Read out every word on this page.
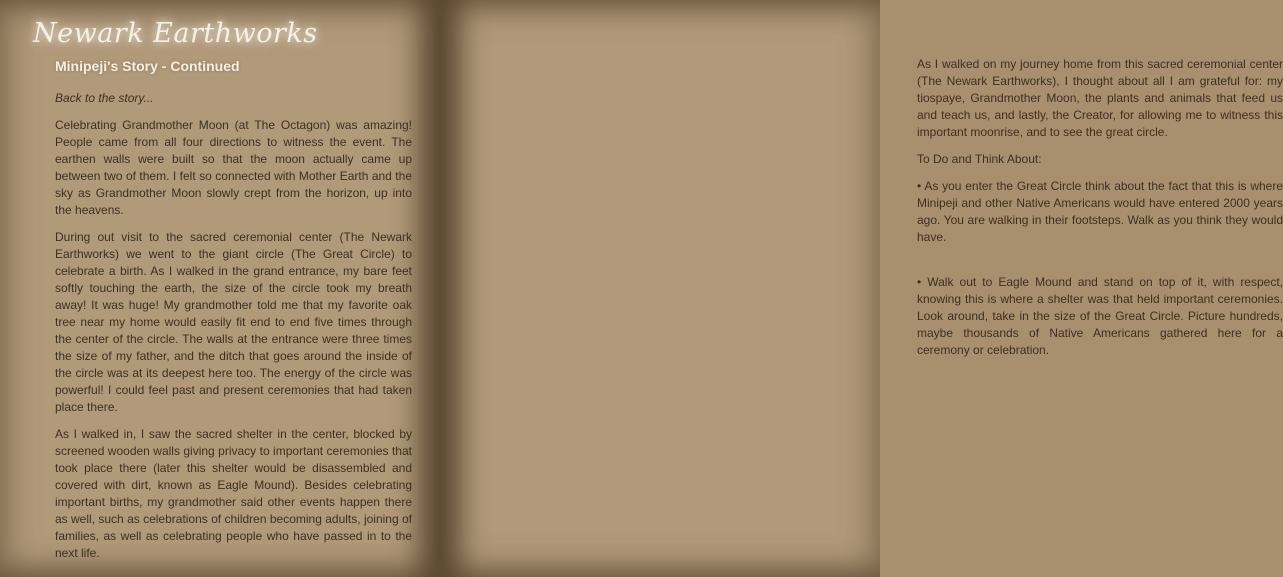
Newark Earthworks
Minipeji's Story - Continued

Back to the story...

Celebrating Grandmother Moon (at The Octagon) was amazing! People came from all four directions to witness the event. The earthen walls were built so that the moon actually came up between two of them. I felt so connected with Mother Earth and the sky as Grandmother Moon slowly crept from the horizon, up into the heavens.

During out visit to the sacred ceremonial center (The Newark Earthworks) we went to the giant circle (The Great Circle) to celebrate a birth. As I walked in the grand entrance, my bare feet softly touching the earth, the size of the circle took my breath away! It was huge! My grandmother told me that my favorite oak tree near my home would easily fit end to end five times through the center of the circle. The walls at the entrance were three times the size of my father, and the ditch that goes around the inside of the circle was at its deepest here too. The energy of the circle was powerful! I could feel past and present ceremonies that had taken place there.

As I walked in, I saw the sacred shelter in the center, blocked by screened wooden walls giving privacy to important ceremonies that took place there (later this shelter would be disassembled and covered with dirt, known as Eagle Mound). Besides celebrating important births, my grandmother said other events happen there as well, such as celebrations of children becoming adults, joining of families, as well as celebrating people who have passed in to the next life.

As I walked on my journey home from this sacred ceremonial center (The Newark Earthworks), I thought about all I am grateful for: my tiospaye, Grandmother Moon, the plants and animals that feed us and teach us, and lastly, the Creator, for allowing me to witness this important moonrise, and to see the great circle.

To Do and Think About:

• As you enter the Great Circle think about the fact that this is where Minipeji and other Native Americans would have entered 2000 years ago. You are walking in their footsteps. Walk as you think they would have.

• Walk out to Eagle Mound and stand on top of it, with respect, knowing this is where a shelter was that held important ceremonies. Look around, take in the size of the Great Circle. Picture hundreds, maybe thousands of Native Americans gathered here for a ceremony or celebration.
